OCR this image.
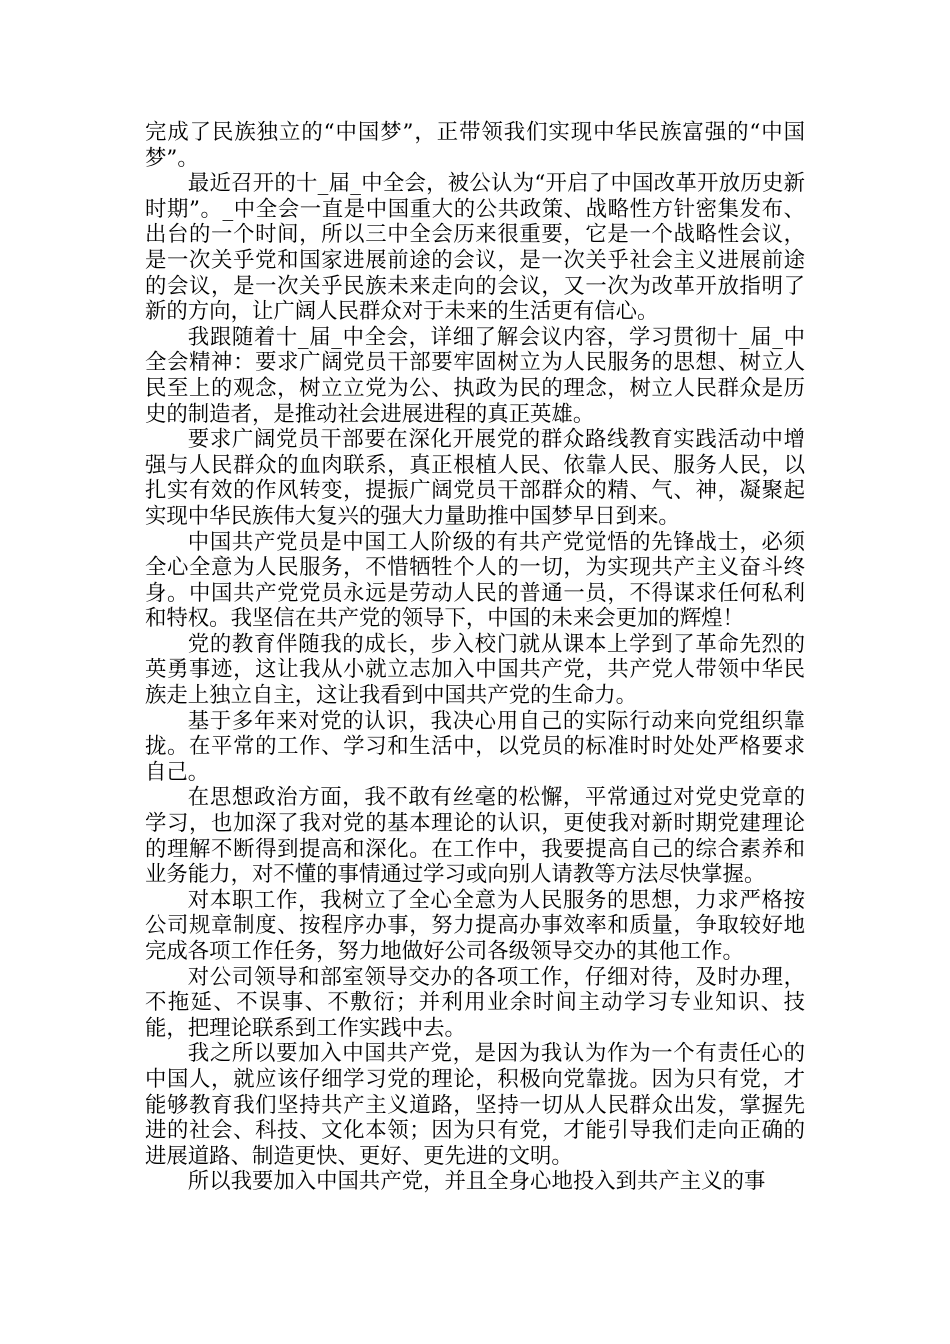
完成了民族独立的“中国梦”，正带领我们实现中华民族富强的“中国梦”。

最近召开的十_届_中全会，被公认为“开启了中国改革开放历史新时期”。_中全会一直是中国重大的公共政策、战略性方针密集发布、出台的一个时间，所以三中全会历来很重要，它是一个战略性会议，是一次关乎党和国家进展前途的会议，是一次关乎社会主义进展前途的会议，是一次关乎民族未来走向的会议，又一次为改革开放指明了新的方向，让广阔人民群众对于未来的生活更有信心。

我跟随着十_届_中全会，详细了解会议内容，学习贯彻十_届_中全会精神：要求广阔党员干部要牢固树立为人民服务的思想、树立人民至上的观念，树立立党为公、执政为民的理念，树立人民群众是历史的制造者，是推动社会进展进程的真正英雄。

要求广阔党员干部要在深化开展党的群众路线教育实践活动中增强与人民群众的血肉联系，真正根植人民、依靠人民、服务人民，以扎实有效的作风转变，提振广阔党员干部群众的精、气、神，凝聚起实现中华民族伟大复兴的强大力量助推中国梦早日到来。

中国共产党员是中国工人阶级的有共产党觉悟的先锋战士，必须全心全意为人民服务，不惜牺牲个人的一切，为实现共产主义奋斗终身。中国共产党党员永远是劳动人民的普通一员，不得谋求任何私利和特权。我坚信在共产党的领导下，中国的未来会更加的辉煌！

党的教育伴随我的成长，步入校门就从课本上学到了革命先烈的英勇事迹，这让我从小就立志加入中国共产党，共产党人带领中华民族走上独立自主，这让我看到中国共产党的生命力。

基于多年来对党的认识，我决心用自己的实际行动来向党组织靠拢。在平常的工作、学习和生活中，以党员的标准时时处处严格要求自己。

在思想政治方面，我不敢有丝毫的松懈，平常通过对党史党章的学习，也加深了我对党的基本理论的认识，更使我对新时期党建理论的理解不断得到提高和深化。在工作中，我要提高自己的综合素养和业务能力，对不懂的事情通过学习或向别人请教等方法尽快掌握。

对本职工作，我树立了全心全意为人民服务的思想，力求严格按公司规章制度、按程序办事，努力提高办事效率和质量，争取较好地完成各项工作任务，努力地做好公司各级领导交办的其他工作。

对公司领导和部室领导交办的各项工作，仔细对待，及时办理，不拖延、不误事、不敷衍；并利用业余时间主动学习专业知识、技能，把理论联系到工作实践中去。

我之所以要加入中国共产党，是因为我认为作为一个有责任心的中国人，就应该仔细学习党的理论，积极向党靠拢。因为只有党，才能够教育我们坚持共产主义道路，坚持一切从人民群众出发，掌握先进的社会、科技、文化本领；因为只有党，才能引导我们走向正确的进展道路、制造更快、更好、更先进的文明。

所以我要加入中国共产党，并且全身心地投入到共产主义的事
